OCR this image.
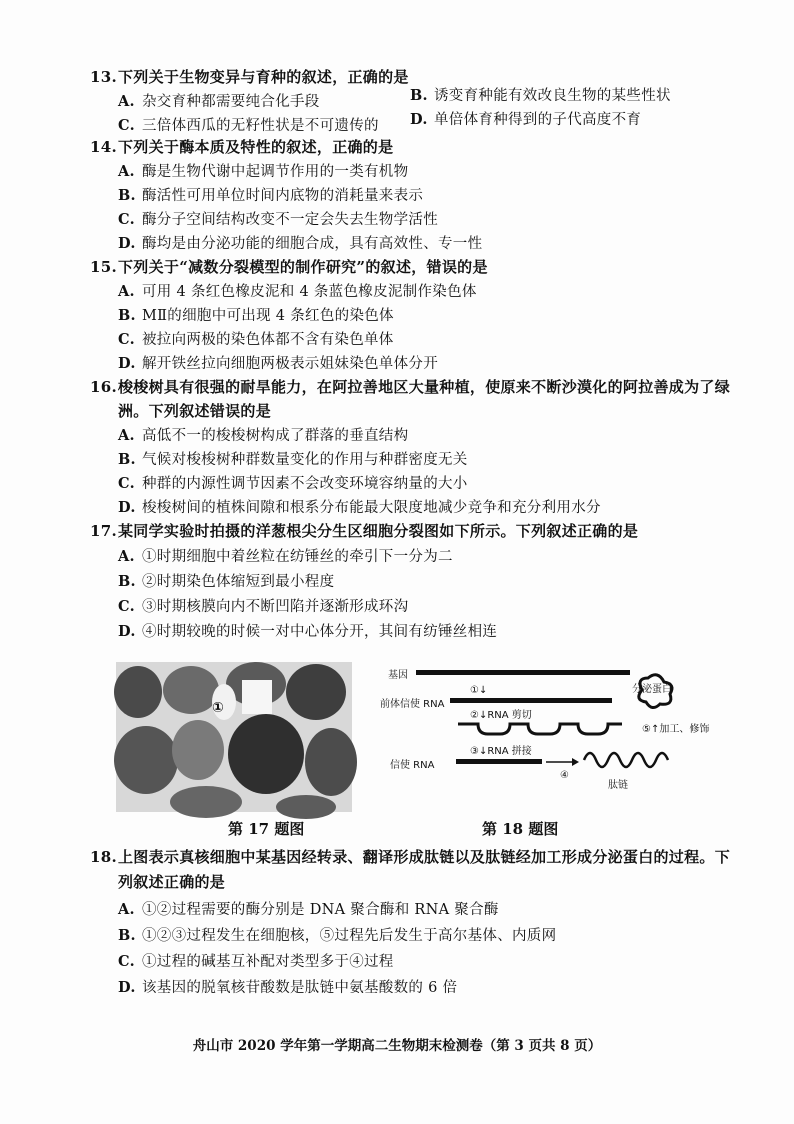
13.下列关于生物变异与育种的叙述，正确的是
A. 杂交育种都需要纯合化手段	B. 诱变育种能有效改良生物的某些性状
C. 三倍体西瓜的无籽性状是不可遗传的 D. 单倍体育种得到的子代高度不育
14.下列关于酶本质及特性的叙述，正确的是
A. 酶是生物代谢中起调节作用的一类有机物
B. 酶活性可用单位时间内底物的消耗量来表示
C. 酶分子空间结构改变不一定会失去生物学活性
D. 酶均是由分泌功能的细胞合成，具有高效性、专一性
15.下列关于“减数分裂模型的制作研究”的叙述，错误的是
A. 可用 4 条红色橡皮泥和 4 条蓝色橡皮泥制作染色体
B. MⅡ的细胞中可出现 4 条红色的染色体
C. 被拉向两极的染色体都不含有染色单体
D. 解开铁丝拉向细胞两极表示姐妹染色单体分开
16.梭梭树具有很强的耐旱能力，在阿拉善地区大量种植，使原来不断沙漠化的阿拉善成为了绿
洲。下列叙述错误的是
A. 高低不一的梭梭树构成了群落的垂直结构
B. 气候对梭梭树种群数量变化的作用与种群密度无关
C. 种群的内源性调节因素不会改变环境容纳量的大小
D. 梭梭树间的植株间隙和根系分布能最大限度地减少竞争和充分利用水分
17.某同学实验时拍摄的洋葱根尖分生区细胞分裂图如下所示。下列叙述正确的是
A. ①时期细胞中着丝粒在纺锤丝的牵引下一分为二
B. ②时期染色体缩短到最小程度
C. ③时期核膜向内不断凹陷并逐渐形成环沟
D. ④时期较晚的时候一对中心体分开，其间有纺锤丝相连
①
第 17 题图
基因
①↓
前体信使 RNA
②↓RNA 剪切
③↓RNA 拼接
信使 RNA
④
肽链
⑤↑加工、修饰
分泌蛋白
第 18 题图
18.上图表示真核细胞中某基因经转录、翻译形成肽链以及肽链经加工形成分泌蛋白的过程。下
列叙述正确的是
A. ①②过程需要的酶分别是 DNA 聚合酶和 RNA 聚合酶
B. ①②③过程发生在细胞核，⑤过程先后发生于高尔基体、内质网
C. ①过程的碱基互补配对类型多于④过程
D. 该基因的脱氧核苷酸数是肽链中氨基酸数的 6 倍
舟山市 2020 学年第一学期高二生物期末检测卷（第 3 页共 8 页）
